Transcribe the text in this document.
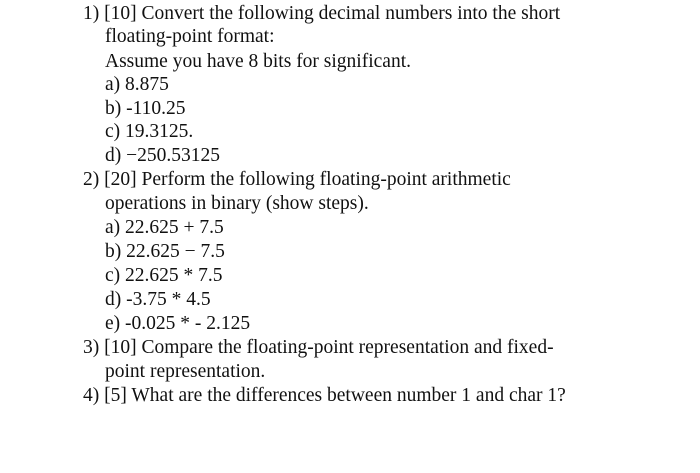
1) [10] Convert the following decimal numbers into the short
floating-point format:
Assume you have 8 bits for significant.
a) 8.875
b) -110.25
c) 19.3125.
d) −250.53125
2) [20] Perform the following floating-point arithmetic
operations in binary (show steps).
a) 22.625 + 7.5
b) 22.625 − 7.5
c) 22.625 * 7.5
d) -3.75 * 4.5
e) -0.025 * - 2.125
3) [10] Compare the floating-point representation and fixed-
point representation.
4) [5] What are the differences between number 1 and char 1?
